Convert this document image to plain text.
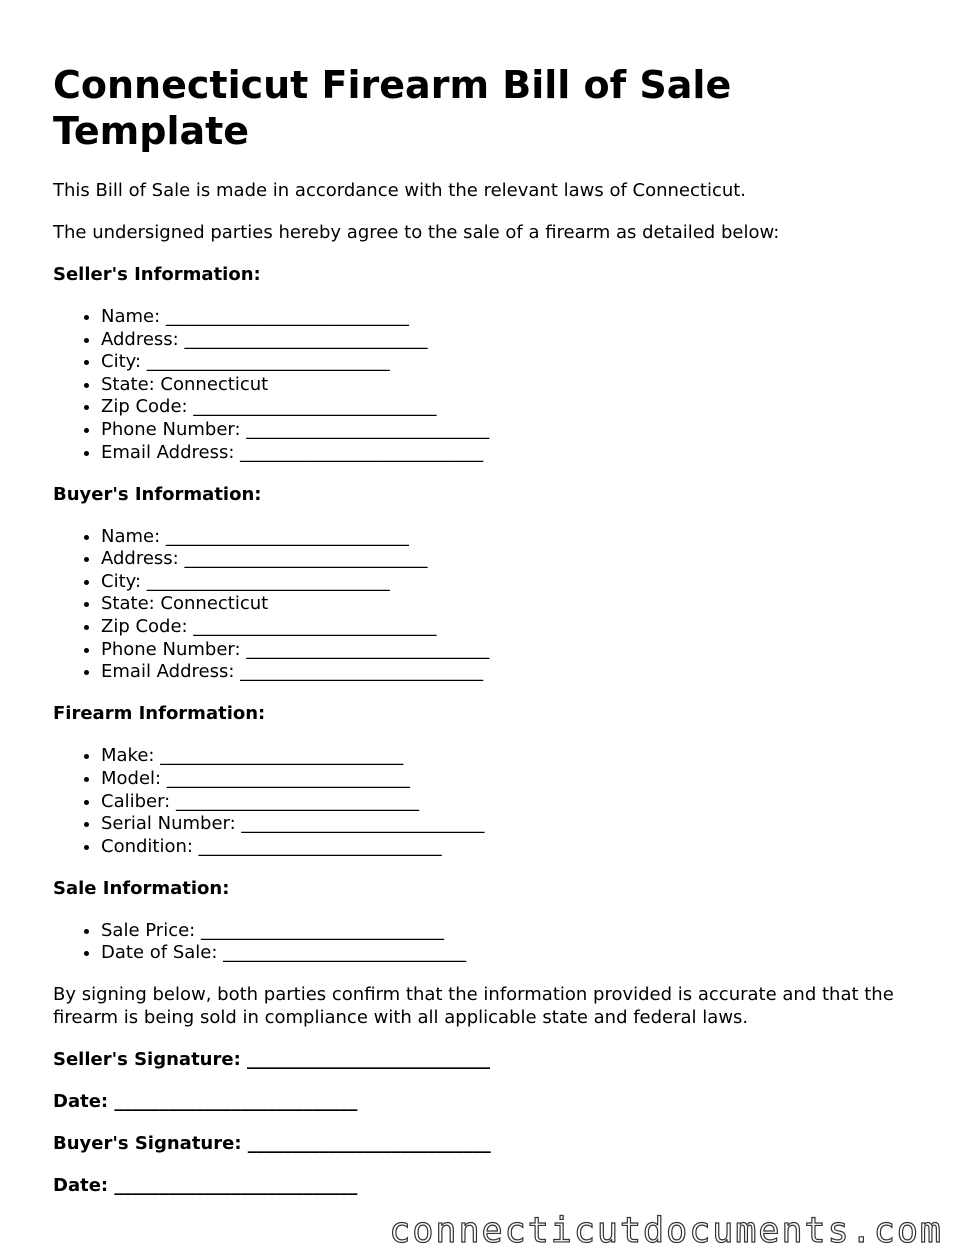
Connecticut Firearm Bill of Sale Template

This Bill of Sale is made in accordance with the relevant laws of Connecticut.

The undersigned parties hereby agree to the sale of a firearm as detailed below:

Seller's Information:

• Name: ___________________________
• Address: ___________________________
• City: ___________________________
• State: Connecticut
• Zip Code: ___________________________
• Phone Number: ___________________________
• Email Address: ___________________________

Buyer's Information:

• Name: ___________________________
• Address: ___________________________
• City: ___________________________
• State: Connecticut
• Zip Code: ___________________________
• Phone Number: ___________________________
• Email Address: ___________________________

Firearm Information:

• Make: ___________________________
• Model: ___________________________
• Caliber: ___________________________
• Serial Number: ___________________________
• Condition: ___________________________

Sale Information:

• Sale Price: ___________________________
• Date of Sale: ___________________________

By signing below, both parties confirm that the information provided is accurate and that the firearm is being sold in compliance with all applicable state and federal laws.

Seller's Signature: ___________________________

Date: ___________________________

Buyer's Signature: ___________________________

Date: ___________________________

connecticutdocuments.com
